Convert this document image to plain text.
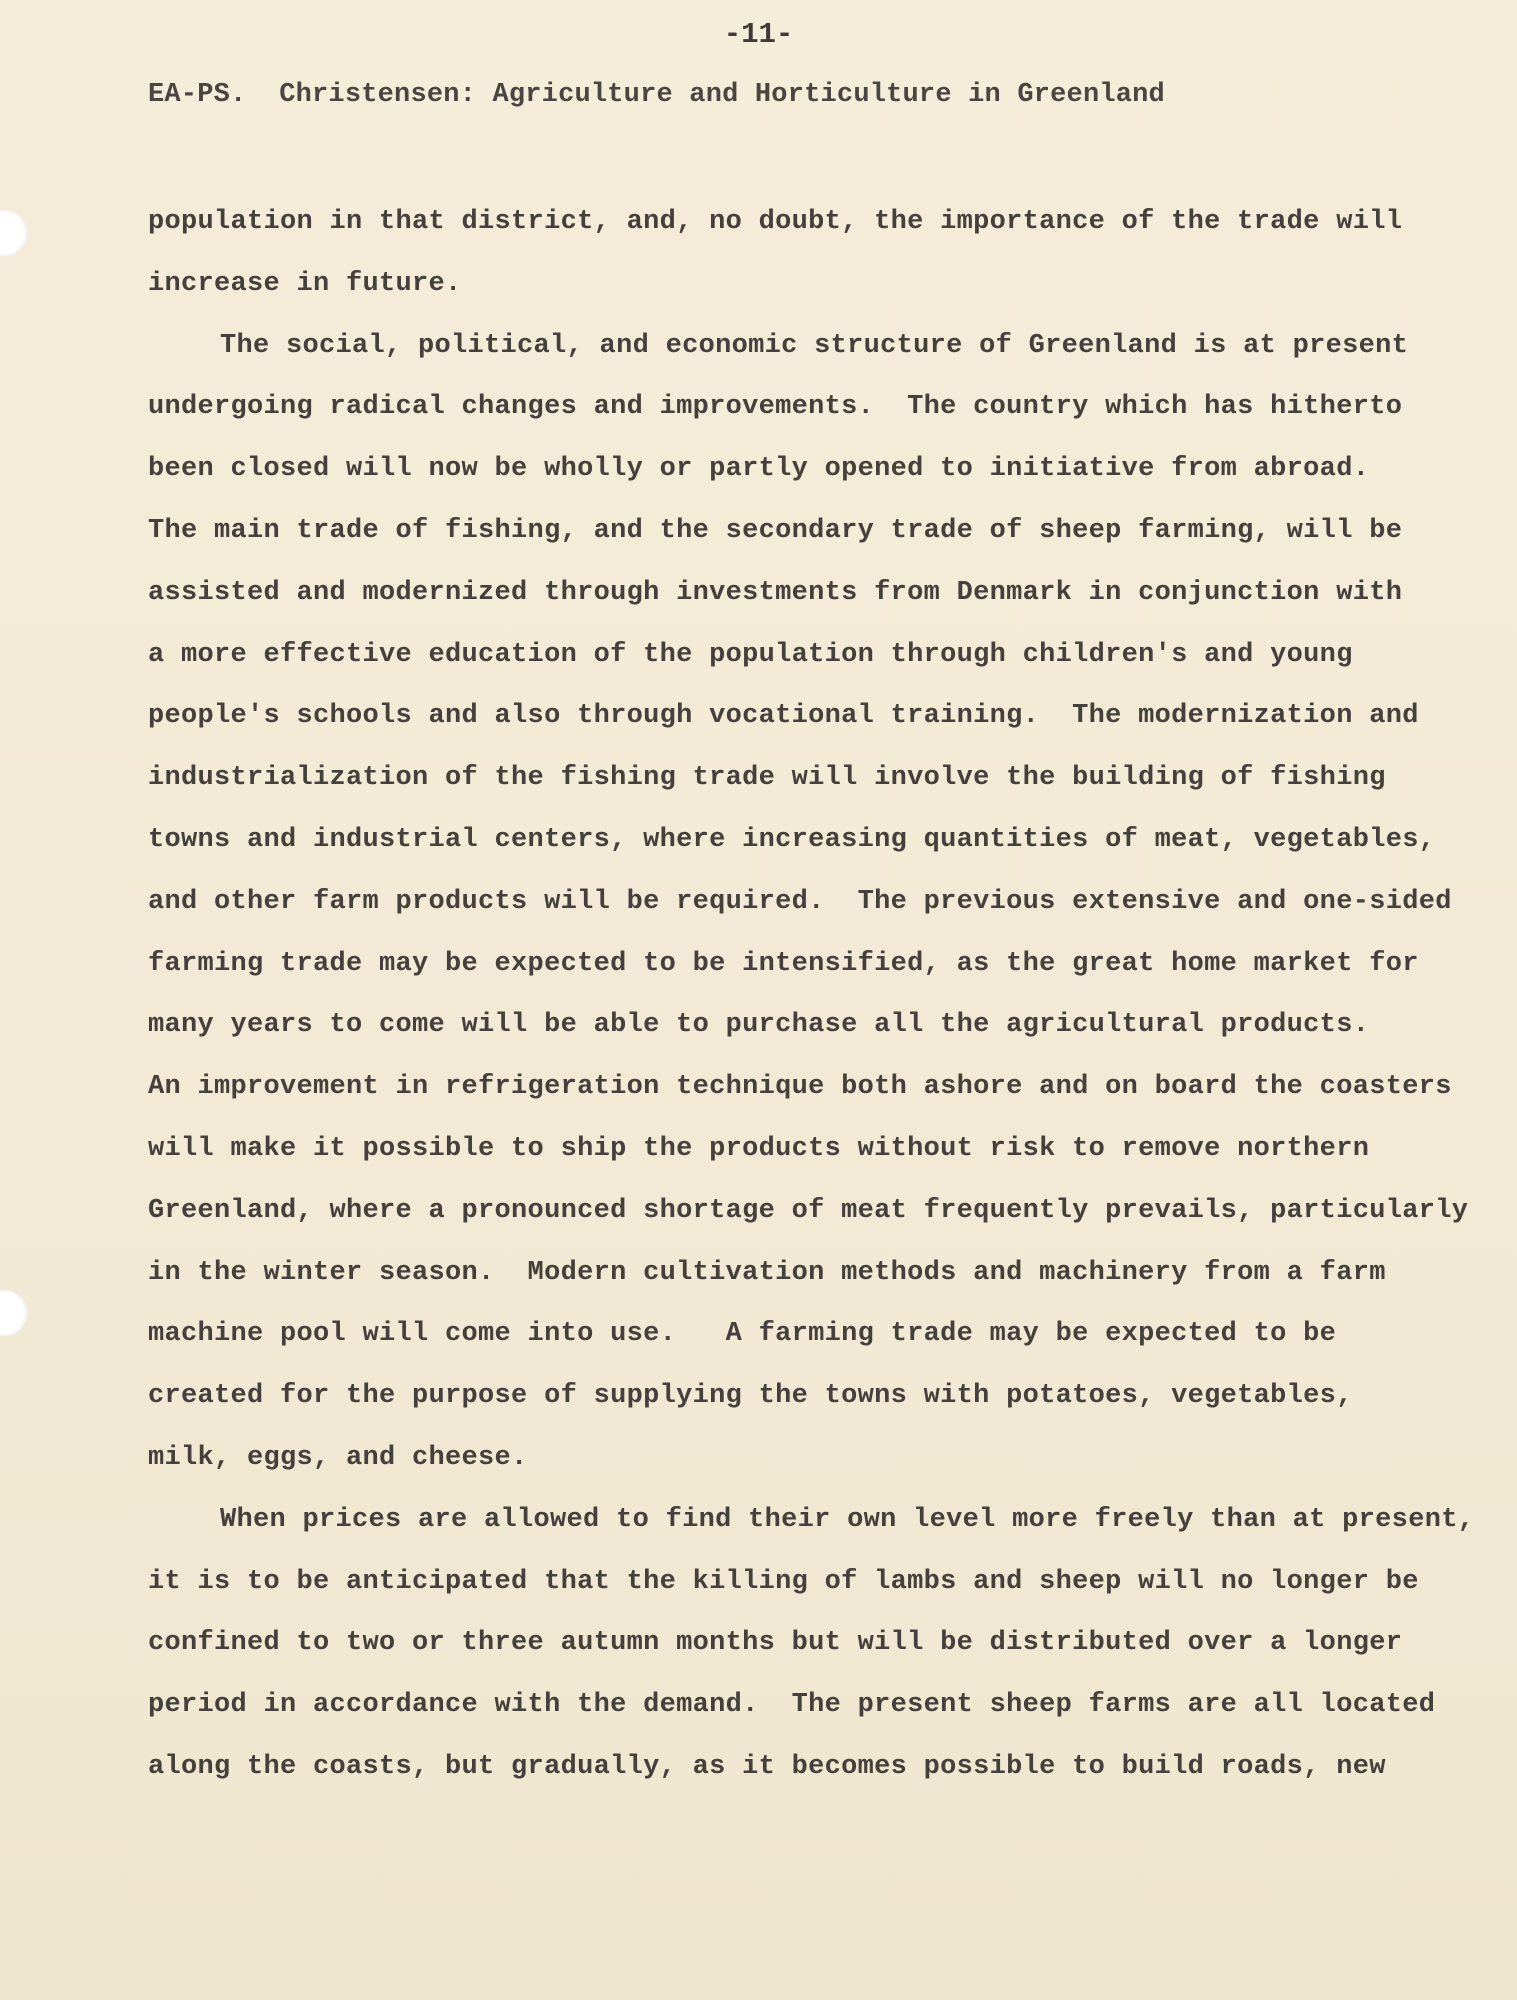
-11-
EA-PS.  Christensen: Agriculture and Horticulture in Greenland
population in that district, and, no doubt, the importance of the trade will
increase in future.
The social, political, and economic structure of Greenland is at present
undergoing radical changes and improvements.  The country which has hitherto
been closed will now be wholly or partly opened to initiative from abroad.
The main trade of fishing, and the secondary trade of sheep farming, will be
assisted and modernized through investments from Denmark in conjunction with
a more effective education of the population through children's and young
people's schools and also through vocational training.  The modernization and
industrialization of the fishing trade will involve the building of fishing
towns and industrial centers, where increasing quantities of meat, vegetables,
and other farm products will be required.  The previous extensive and one-sided
farming trade may be expected to be intensified, as the great home market for
many years to come will be able to purchase all the agricultural products.
An improvement in refrigeration technique both ashore and on board the coasters
will make it possible to ship the products without risk to remove northern
Greenland, where a pronounced shortage of meat frequently prevails, particularly
in the winter season.  Modern cultivation methods and machinery from a farm
machine pool will come into use.   A farming trade may be expected to be
created for the purpose of supplying the towns with potatoes, vegetables,
milk, eggs, and cheese.
When prices are allowed to find their own level more freely than at present,
it is to be anticipated that the killing of lambs and sheep will no longer be
confined to two or three autumn months but will be distributed over a longer
period in accordance with the demand.  The present sheep farms are all located
along the coasts, but gradually, as it becomes possible to build roads, new
